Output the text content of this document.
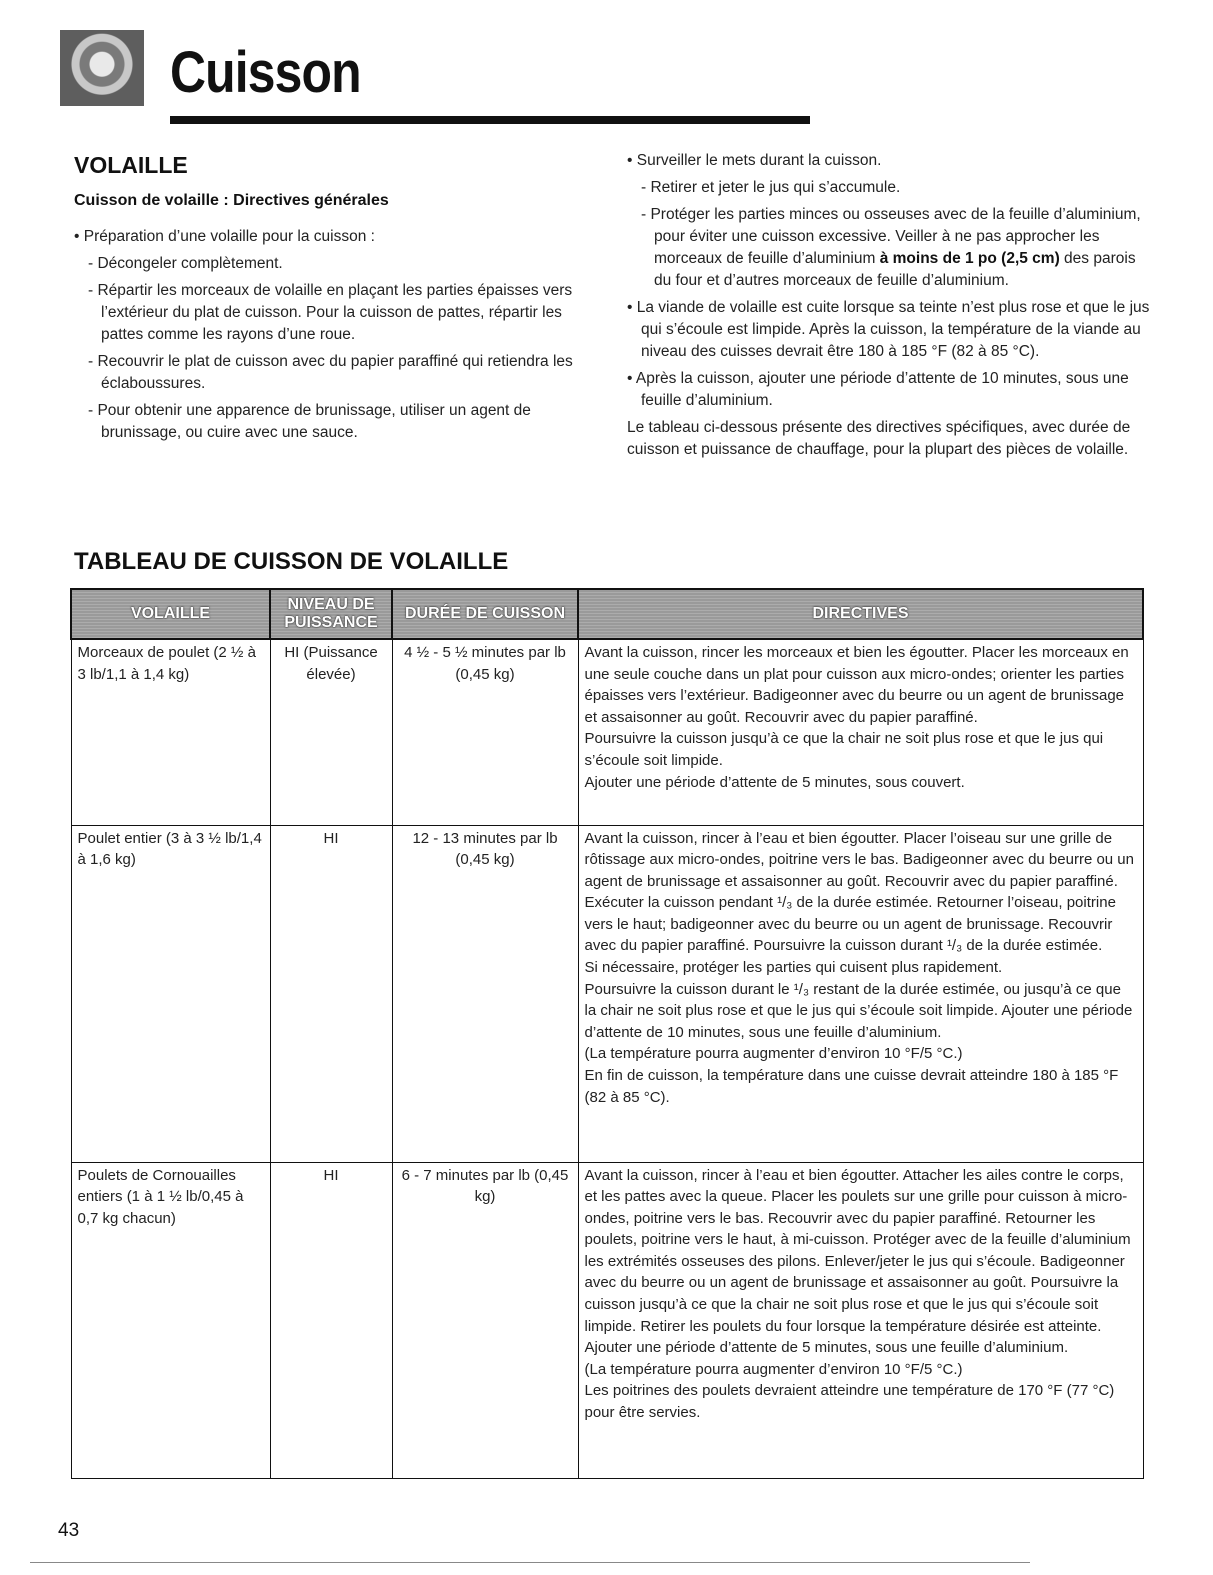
Cuisson
VOLAILLE
Cuisson de volaille : Directives générales

• Préparation d’une volaille pour la cuisson :

- Décongeler complètement.

- Répartir les morceaux de volaille en plaçant les parties épaisses vers l’extérieur du plat de cuisson. Pour la cuisson de pattes, répartir les pattes comme les rayons d’une roue.

- Recouvrir le plat de cuisson avec du papier paraffiné qui retiendra les éclaboussures.

- Pour obtenir une apparence de brunissage, utiliser un agent de brunissage, ou cuire avec une sauce.

• Surveiller le mets durant la cuisson.

- Retirer et jeter le jus qui s’accumule.

- Protéger les parties minces ou osseuses avec de la feuille d’aluminium, pour éviter une cuisson excessive. Veiller à ne pas approcher les morceaux de feuille d’aluminium à moins de 1 po (2,5 cm) des parois du four et d’autres morceaux de feuille d’aluminium.

• La viande de volaille est cuite lorsque sa teinte n’est plus rose et que le jus qui s’écoule est limpide. Après la cuisson, la température de la viande au niveau des cuisses devrait être 180 à 185 °F (82 à 85 °C).

• Après la cuisson, ajouter une période d’attente de 10 minutes, sous une feuille d’aluminium.

Le tableau ci-dessous présente des directives spécifiques, avec durée de cuisson et puissance de chauffage, pour la plupart des pièces de volaille.

TABLEAU DE CUISSON DE VOLAILLE
VOLAILLE	NIVEAU DE PUISSANCE	DURÉE DE CUISSON	DIRECTIVES
Morceaux de poulet (2 ½ à 3 lb/1,1 à 1,4 kg)	HI (Puissance élevée)	4 ½ - 5 ½ minutes par lb (0,45 kg)	Avant la cuisson, rincer les morceaux et bien les égoutter. Placer les morceaux en une seule couche dans un plat pour cuisson aux micro-ondes; orienter les parties épaisses vers l’extérieur. Badigeonner avec du beurre ou un agent de brunissage et assaisonner au goût. Recouvrir avec du papier paraffiné.
Poursuivre la cuisson jusqu’à ce que la chair ne soit plus rose et que le jus qui s’écoule soit limpide.
Ajouter une période d’attente de 5 minutes, sous couvert.

Poulet entier (3 à 3 ½ lb/1,4 à 1,6 kg)	HI	12 - 13 minutes par lb (0,45 kg)	Avant la cuisson, rincer à l’eau et bien égoutter. Placer l’oiseau sur une grille de rôtissage aux micro-ondes, poitrine vers le bas. Badigeonner avec du beurre ou un agent de brunissage et assaisonner au goût. Recouvrir avec du papier paraffiné. Exécuter la cuisson pendant ¹/₃ de la durée estimée. Retourner l’oiseau, poitrine vers le haut; badigeonner avec du beurre ou un agent de brunissage. Recouvrir avec du papier paraffiné. Poursuivre la cuisson durant ¹/₃ de la durée estimée.
Si nécessaire, protéger les parties qui cuisent plus rapidement.
Poursuivre la cuisson durant le ¹/₃ restant de la durée estimée, ou jusqu’à ce que la chair ne soit plus rose et que le jus qui s’écoule soit limpide. Ajouter une période d’attente de 10 minutes, sous une feuille d’aluminium.
(La température pourra augmenter d’environ 10 °F/5 °C.)
En fin de cuisson, la température dans une cuisse devrait atteindre 180 à 185 °F (82 à 85 °C).

Poulets de Cornouailles entiers (1 à 1 ½ lb/0,45 à 0,7 kg chacun)	HI	6 - 7 minutes par lb (0,45 kg)	Avant la cuisson, rincer à l’eau et bien égoutter. Attacher les ailes contre le corps, et les pattes avec la queue. Placer les poulets sur une grille pour cuisson à micro-ondes, poitrine vers le bas. Recouvrir avec du papier paraffiné. Retourner les poulets, poitrine vers le haut, à mi-cuisson. Protéger avec de la feuille d’aluminium les extrémités osseuses des pilons. Enlever/jeter le jus qui s’écoule. Badigeonner avec du beurre ou un agent de brunissage et assaisonner au goût. Poursuivre la cuisson jusqu’à ce que la chair ne soit plus rose et que le jus qui s’écoule soit limpide. Retirer les poulets du four lorsque la température désirée est atteinte. Ajouter une période d’attente de 5 minutes, sous une feuille d’aluminium.
(La température pourra augmenter d’environ 10 °F/5 °C.)
Les poitrines des poulets devraient atteindre une température de 170 °F (77 °C) pour être servies.
43
